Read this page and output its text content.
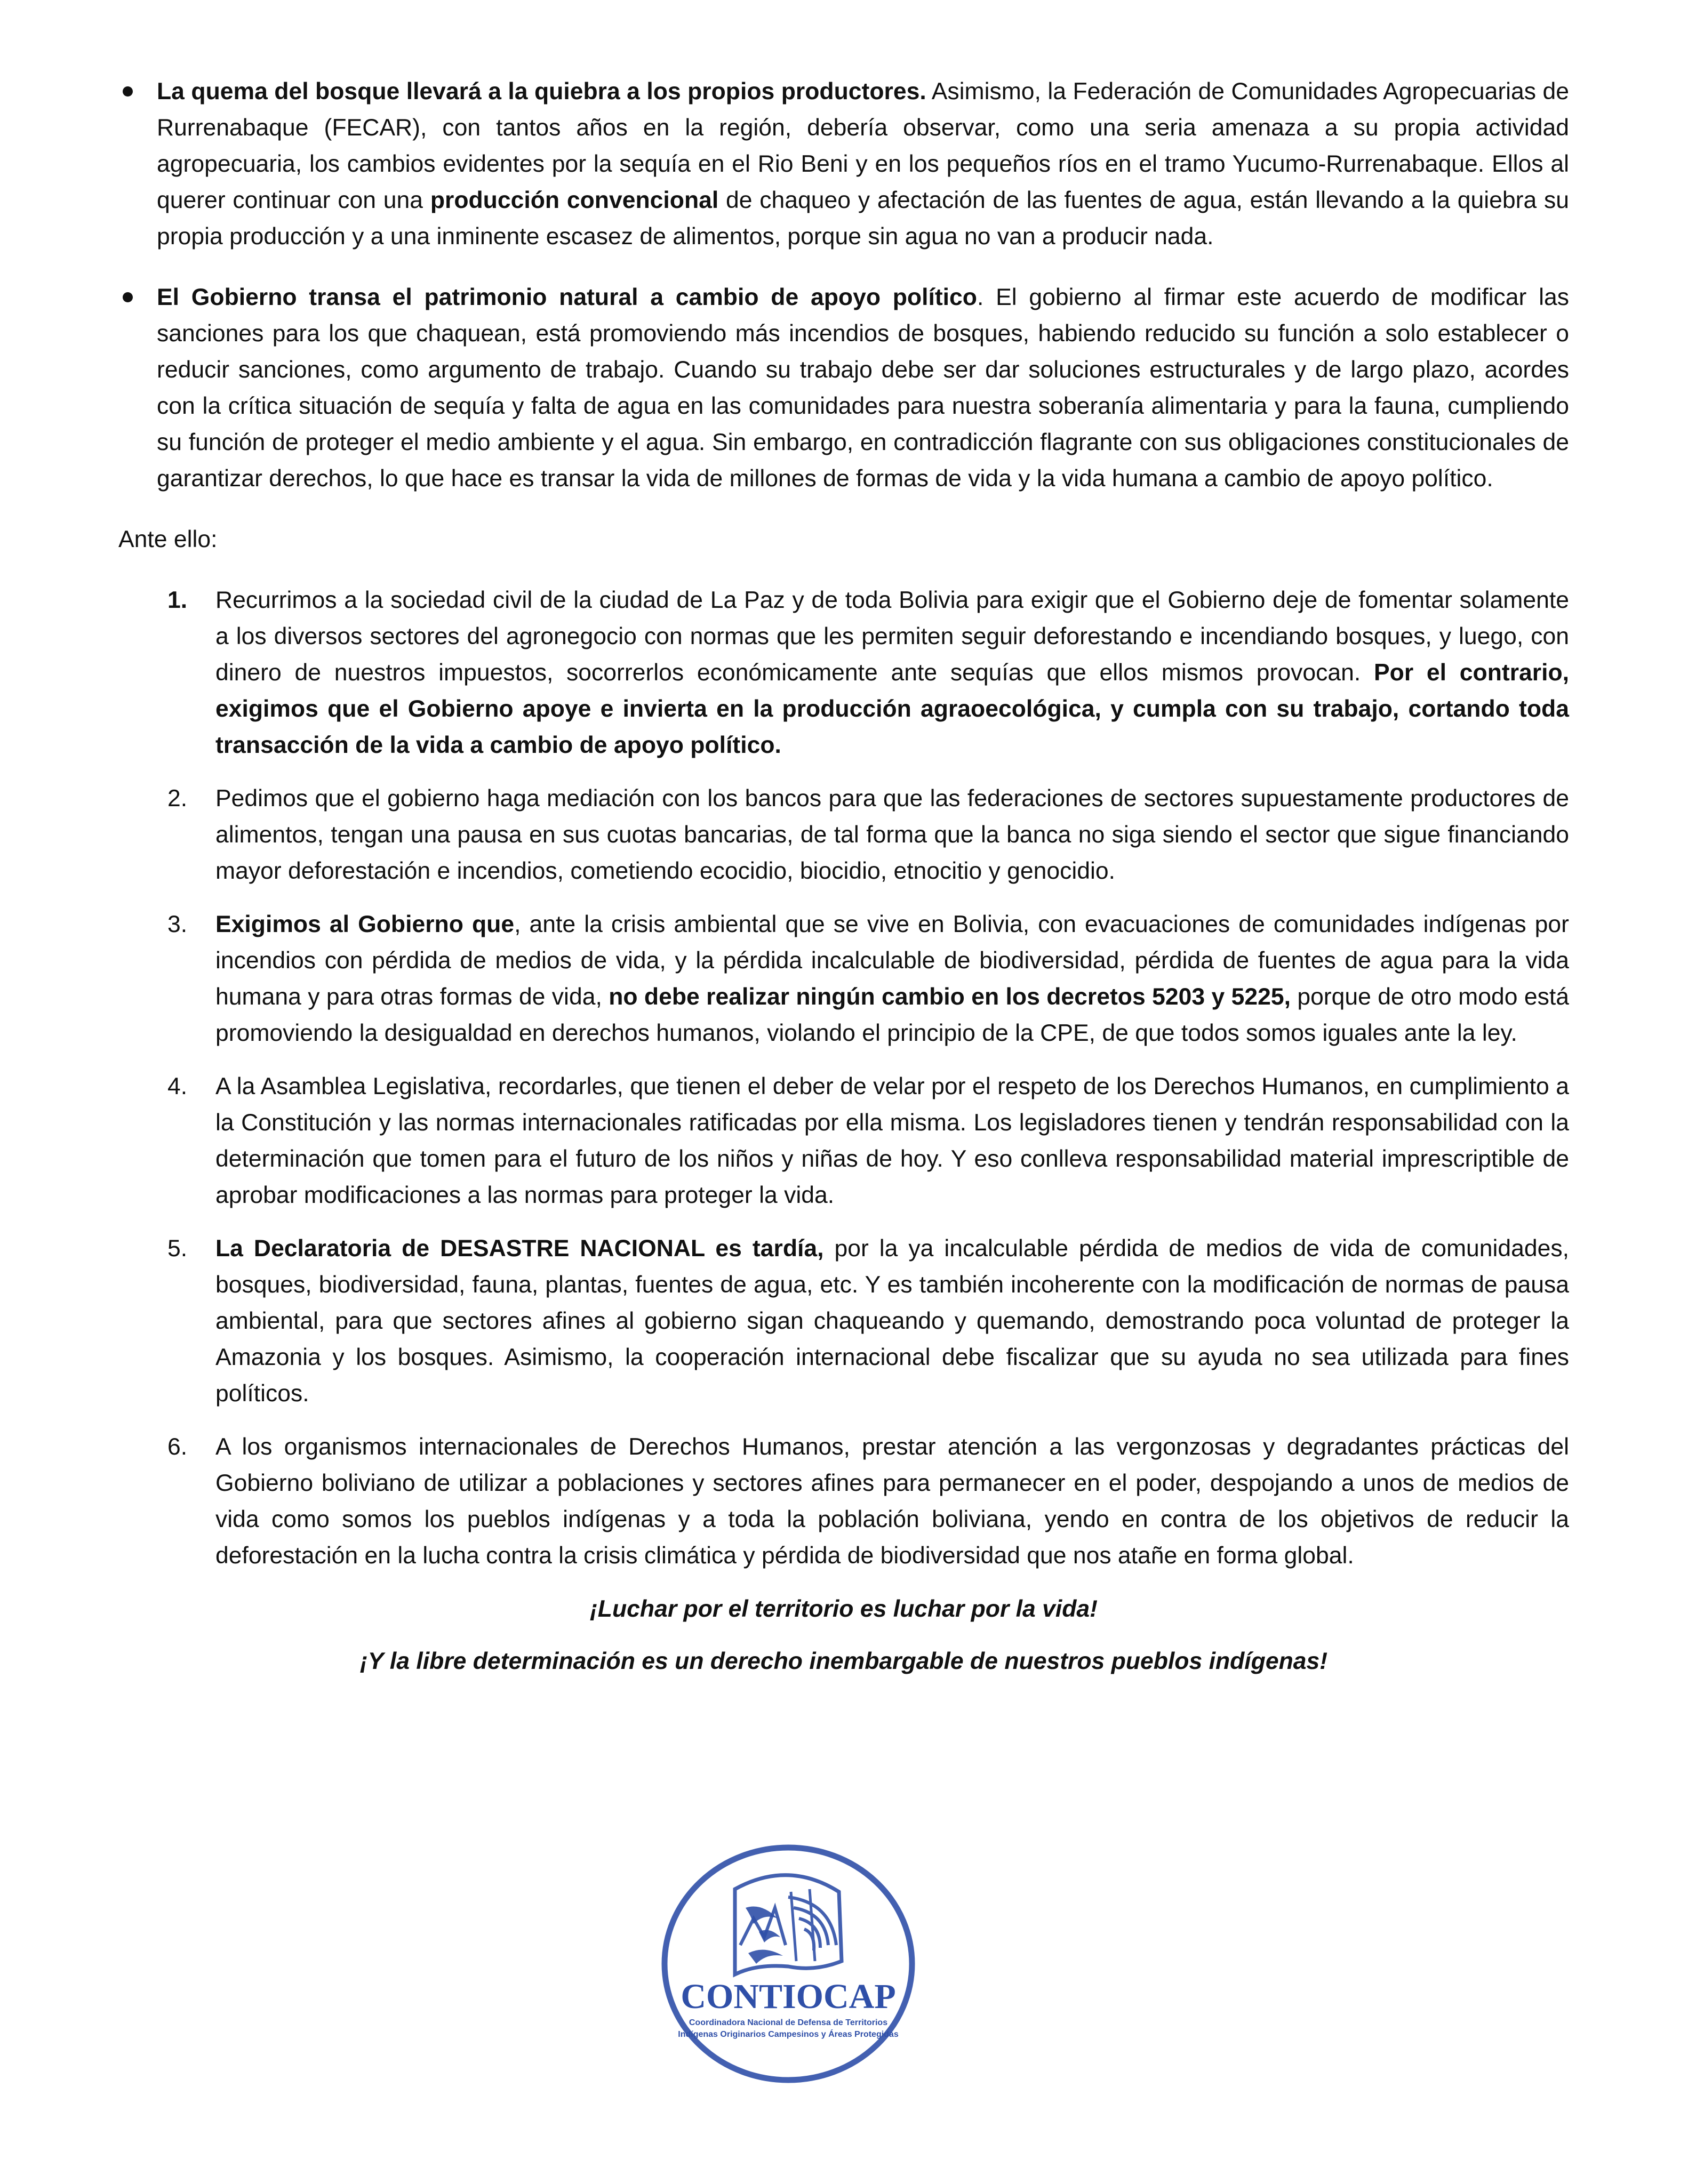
La quema del bosque llevará a la quiebra a los propios productores. Asimismo, la Federación de Comunidades Agropecuarias de Rurrenabaque (FECAR), con tantos años en la región, debería observar, como una seria amenaza a su propia actividad agropecuaria, los cambios evidentes por la sequía en el Rio Beni y en los pequeños ríos en el tramo Yucumo-Rurrenabaque. Ellos al querer continuar con una producción convencional de chaqueo y afectación de las fuentes de agua, están llevando a la quiebra su propia producción y a una inminente escasez de alimentos, porque sin agua no van a producir nada.
El Gobierno transa el patrimonio natural a cambio de apoyo político. El gobierno al firmar este acuerdo de modificar las sanciones para los que chaquean, está promoviendo más incendios de bosques, habiendo reducido su función a solo establecer o reducir sanciones, como argumento de trabajo. Cuando su trabajo debe ser dar soluciones estructurales y de largo plazo, acordes con la crítica situación de sequía y falta de agua en las comunidades para nuestra soberanía alimentaria y para la fauna, cumpliendo su función de proteger el medio ambiente y el agua. Sin embargo, en contradicción flagrante con sus obligaciones constitucionales de garantizar derechos, lo que hace es transar la vida de millones de formas de vida y la vida humana a cambio de apoyo político.

Ante ello:

1. Recurrimos a la sociedad civil de la ciudad de La Paz y de toda Bolivia para exigir que el Gobierno deje de fomentar solamente a los diversos sectores del agronegocio con normas que les permiten seguir deforestando e incendiando bosques, y luego, con dinero de nuestros impuestos, socorrerlos económicamente ante sequías que ellos mismos provocan. Por el contrario, exigimos que el Gobierno apoye e invierta en la producción agraoecológica, y cumpla con su trabajo, cortando toda transacción de la vida a cambio de apoyo político.
2. Pedimos que el gobierno haga mediación con los bancos para que las federaciones de sectores supuestamente productores de alimentos, tengan una pausa en sus cuotas bancarias, de tal forma que la banca no siga siendo el sector que sigue financiando mayor deforestación e incendios, cometiendo ecocidio, biocidio, etnocitio y genocidio.
3. Exigimos al Gobierno que, ante la crisis ambiental que se vive en Bolivia, con evacuaciones de comunidades indígenas por incendios con pérdida de medios de vida, y la pérdida incalculable de biodiversidad, pérdida de fuentes de agua para la vida humana y para otras formas de vida, no debe realizar ningún cambio en los decretos 5203 y 5225, porque de otro modo está promoviendo la desigualdad en derechos humanos, violando el principio de la CPE, de que todos somos iguales ante la ley.
4. A la Asamblea Legislativa, recordarles, que tienen el deber de velar por el respeto de los Derechos Humanos, en cumplimiento a la Constitución y las normas internacionales ratificadas por ella misma. Los legisladores tienen y tendrán responsabilidad con la determinación que tomen para el futuro de los niños y niñas de hoy. Y eso conlleva responsabilidad material imprescriptible de aprobar modificaciones a las normas para proteger la vida.
5. La Declaratoria de DESASTRE NACIONAL es tardía, por la ya incalculable pérdida de medios de vida de comunidades, bosques, biodiversidad, fauna, plantas, fuentes de agua, etc. Y es también incoherente con la modificación de normas de pausa ambiental, para que sectores afines al gobierno sigan chaqueando y quemando, demostrando poca voluntad de proteger la Amazonia y los bosques. Asimismo, la cooperación internacional debe fiscalizar que su ayuda no sea utilizada para fines políticos.
6. A los organismos internacionales de Derechos Humanos, prestar atención a las vergonzosas y degradantes prácticas del Gobierno boliviano de utilizar a poblaciones y sectores afines para permanecer en el poder, despojando a unos de medios de vida como somos los pueblos indígenas y a toda la población boliviana, yendo en contra de los objetivos de reducir la deforestación en la lucha contra la crisis climática y pérdida de biodiversidad que nos atañe en forma global.

¡Luchar por el territorio es luchar por la vida!

¡Y la libre determinación es un derecho inembargable de nuestros pueblos indígenas!

CONTIOCAP
Coordinadora Nacional de Defensa de Territorios
Indígenas Originarios Campesinos y Áreas Protegidas
